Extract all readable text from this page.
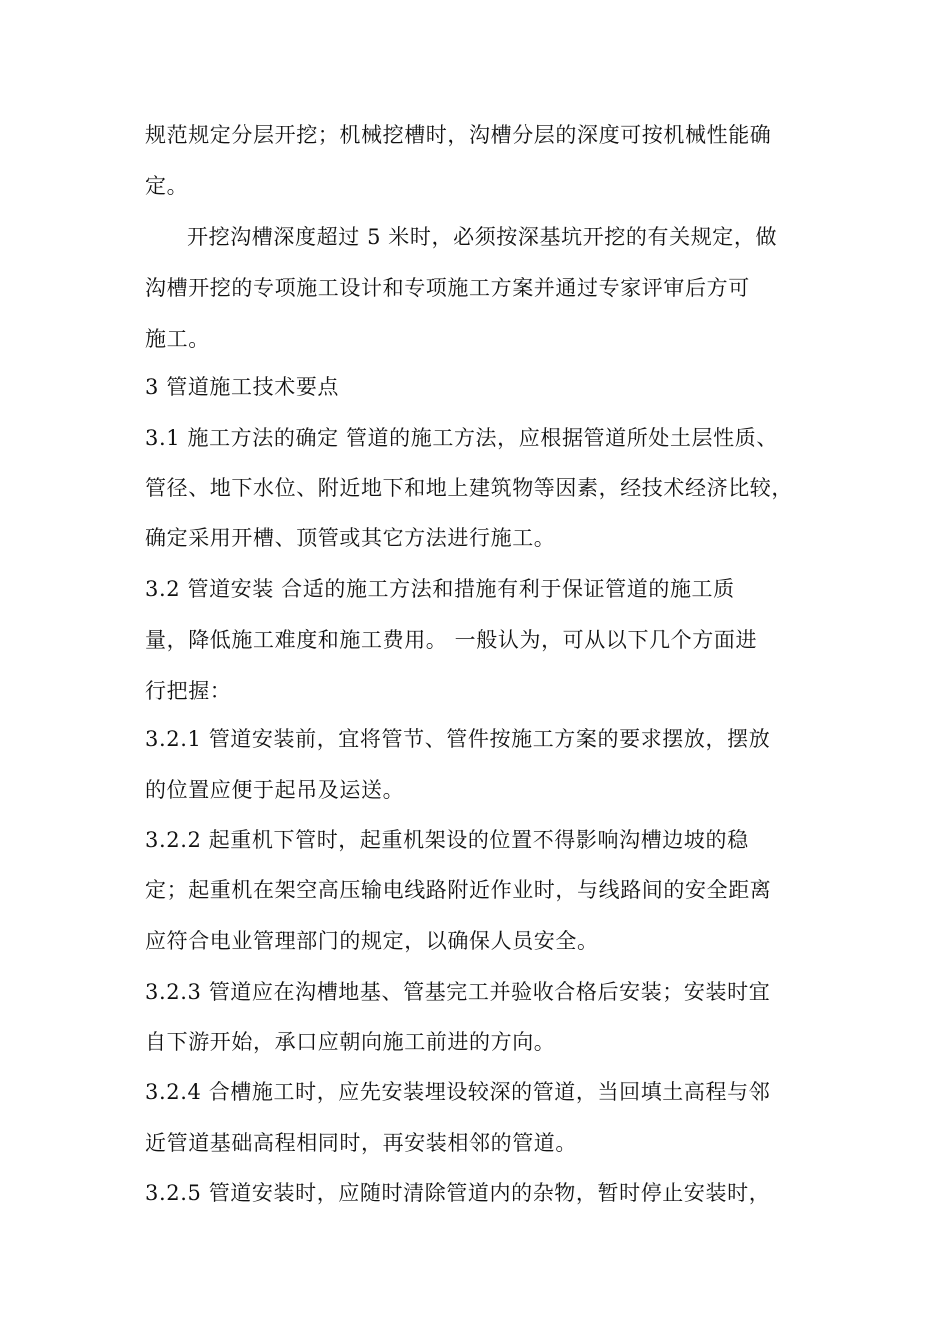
规范规定分层开挖；机械挖槽时，沟槽分层的深度可按机械性能确
定。
开挖沟槽深度超过 5 米时，必须按深基坑开挖的有关规定，做
沟槽开挖的专项施工设计和专项施工方案并通过专家评审后方可
施工。
3 管道施工技术要点
3.1 施工方法的确定 管道的施工方法，应根据管道所处土层性质、
管径、地下水位、附近地下和地上建筑物等因素，经技术经济比较，
确定采用开槽、顶管或其它方法进行施工。
3.2 管道安装 合适的施工方法和措施有利于保证管道的施工质
量，降低施工难度和施工费用。 一般认为，可从以下几个方面进
行把握：
3.2.1 管道安装前，宜将管节、管件按施工方案的要求摆放，摆放
的位置应便于起吊及运送。
3.2.2 起重机下管时，起重机架设的位置不得影响沟槽边坡的稳
定；起重机在架空高压输电线路附近作业时，与线路间的安全距离
应符合电业管理部门的规定，以确保人员安全。
3.2.3 管道应在沟槽地基、管基完工并验收合格后安装；安装时宜
自下游开始，承口应朝向施工前进的方向。
3.2.4 合槽施工时，应先安装埋设较深的管道，当回填土高程与邻
近管道基础高程相同时，再安装相邻的管道。
3.2.5 管道安装时，应随时清除管道内的杂物，暂时停止安装时，
